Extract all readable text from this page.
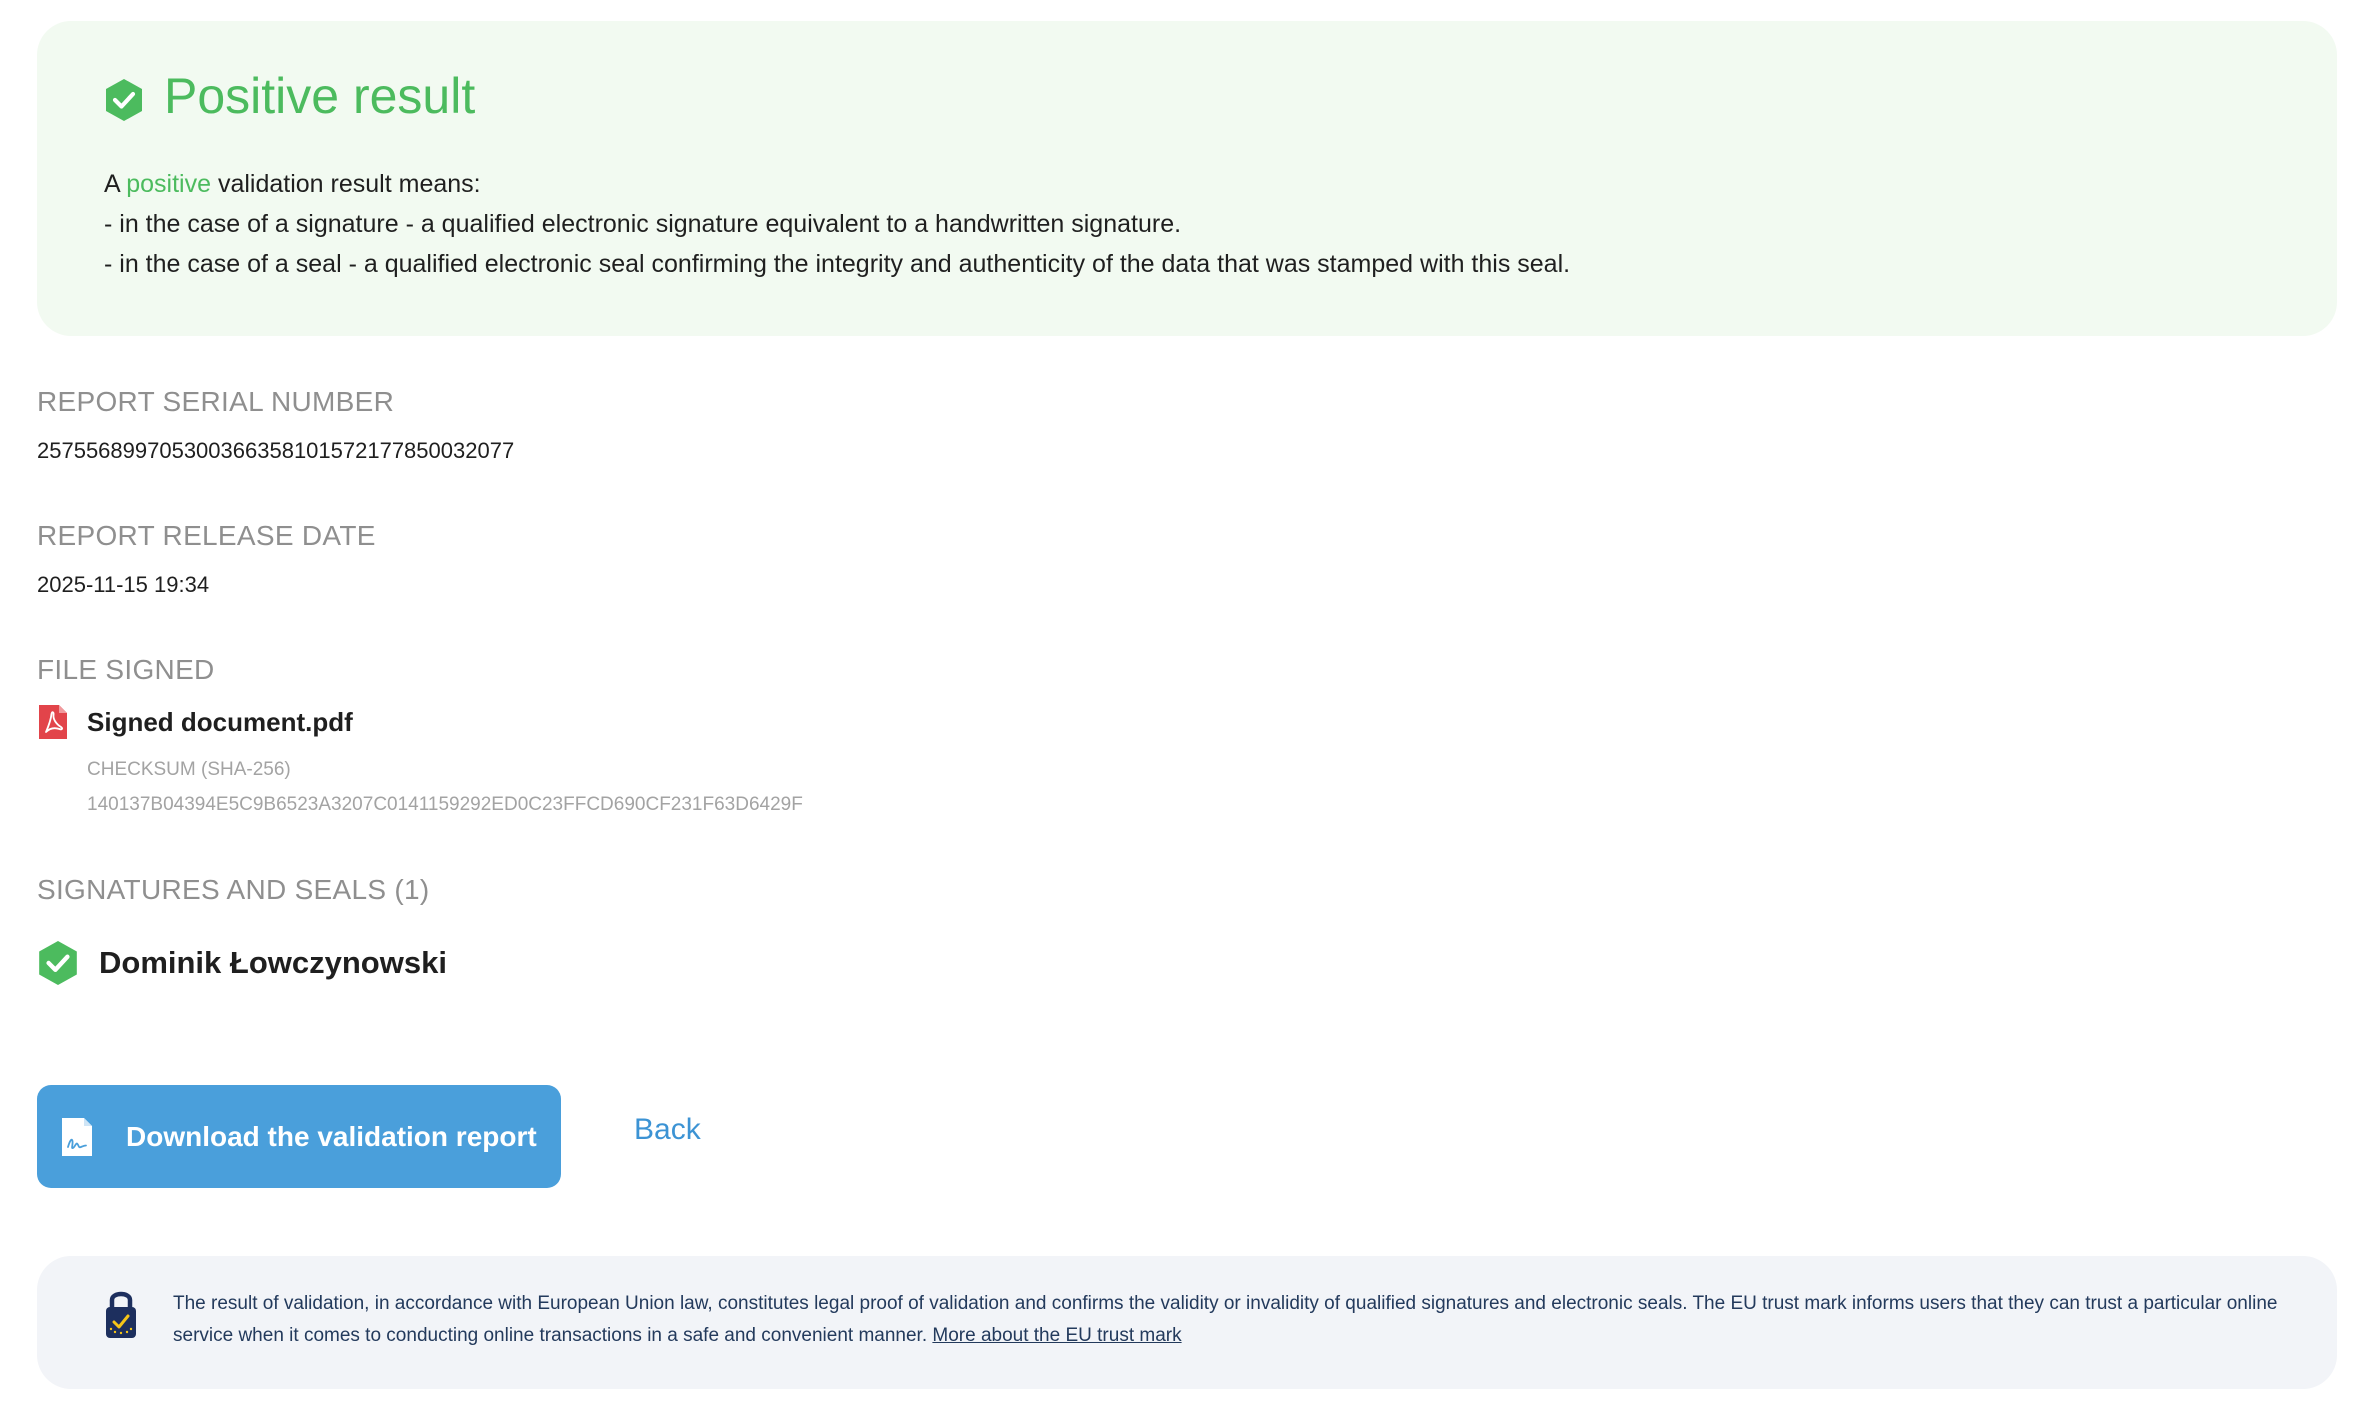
Positive result
A positive validation result means:
- in the case of a signature - a qualified electronic signature equivalent to a handwritten signature.
- in the case of a seal - a qualified electronic seal confirming the integrity and authenticity of the data that was stamped with this seal.
REPORT SERIAL NUMBER
257556899705300366358101572177850032077
REPORT RELEASE DATE
2025-11-15 19:34
FILE SIGNED
Signed document.pdf
CHECKSUM (SHA-256)
140137B04394E5C9B6523A3207C0141159292ED0C23FFCD690CF231F63D6429F
SIGNATURES AND SEALS (1)
Dominik Łowczynowski
Download the validation report	Back
The result of validation, in accordance with European Union law, constitutes legal proof of validation and confirms the validity or invalidity of qualified signatures and electronic seals. The EU trust mark informs users that they can trust a particular online service when it comes to conducting online transactions in a safe and convenient manner. More about the EU trust mark
